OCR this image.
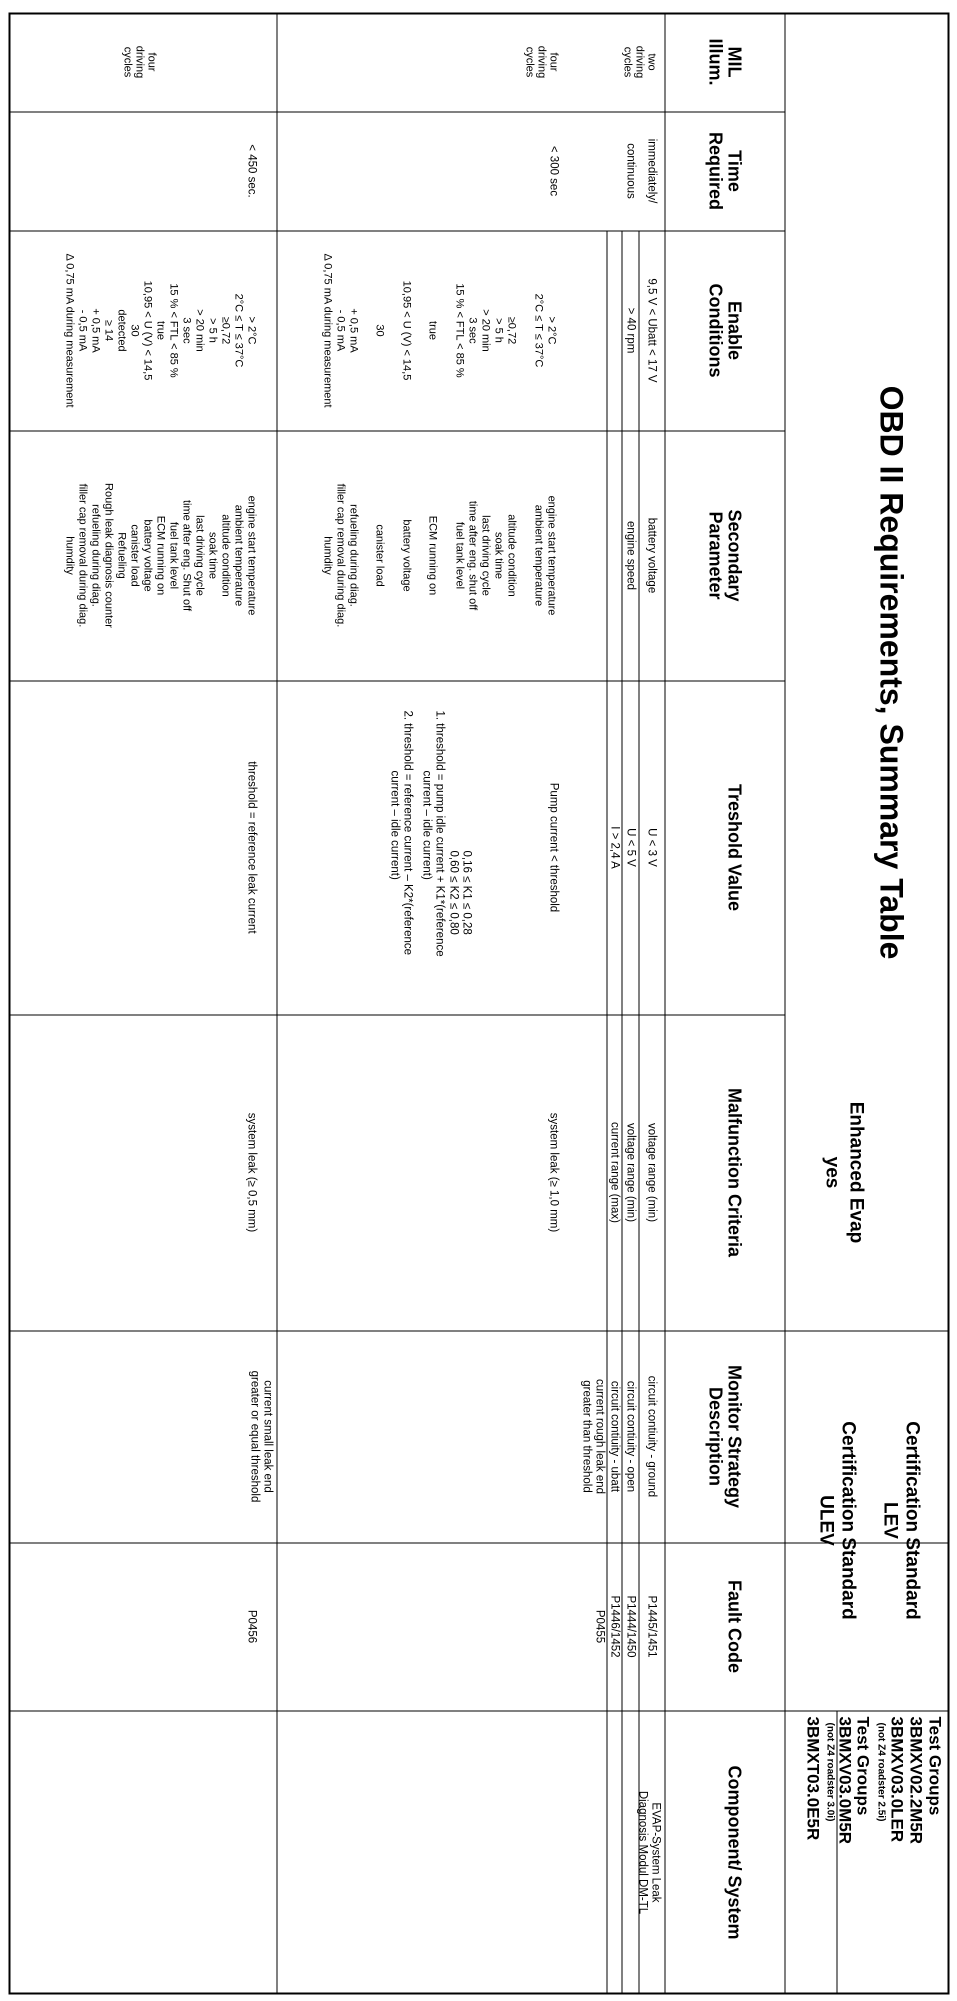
OBD II Requirements, Summary Table
Test Groups
3BMXV02.2M5R
3BMXV03.0LER
(not Z4 roadster 2.5i)
Test Groups
3BMXV03.0M5R
(not Z4 roadster 3.0i)
3BMXT03.0E5R
Certification Standard
LEV
Certification Standard
ULEV
Enhanced Evap
yes
Component/ System
Fault Code
Monitor Strategy Description
Malfunction Criteria
Treshold Value
Secondary Parameter
Enable Conditions
Time Required
MIL Illum.
EVAP-System Leak
Diagnosis Modul DM-TL
P1445/1451
circuit contiuity - ground
voltage range (min)
U < 3 V
battery voltage
9,5 V < Ubatt < 17 V
immediately/
P1444/1450
circuit contiuity - open
voltage range (min)
U < 5 V
engine speed
> 40 rpm
continuous
two
driving
cycles
P1446/1452
circuit contiuity - ubatt
current range (max)
I > 2,4 A
P0455
current rough leak end
greater than threshold
system leak (≥ 1,0 mm)
Pump current < threshold
0,16 ≤ K1 ≤ 0,28
0,60 ≤ K2 ≤ 0,80
1. threshold = pump idle current + K1*(reference
current – idle current)
2. threshold = reference current – K2*(reference
current – idle current)
< 300 sec
four
driving
cycles
engine start temperature
ambient temperature
altitude condition
soak time
last driving cycle
time after eng. shut off
fuel tank level
ECM running on
battery voltage
canister load
refueling during diag.
filler cap removal during diag.
humdity
> 2°C
2°C ≤ T ≤ 37°C
≥0,72
> 5 h
> 20 min
3 sec
15 % < FTL < 85 %
true
10,95 < U (V) < 14,5
30
+ 0,5 mA
- 0,5 mA
Δ 0,75 mA during measurement
P0456
current small leak end
greater or equal threshold
system leak (≥ 0,5 mm)
threshold = reference leak current
< 450 sec.
four
driving
cycles
engine start temperature
ambient temperature
altitude condition
soak time
last driving cycle
time after eng. Shut off
fuel tank level
ECM running on
battery voltage
canister load
Refueling
Rough leak diagnosis counter
refueling during diag.
filler cap removal during diag.
humdity
> 2°C
2°C ≤ T ≤ 37°C
≥0,72
> 5 h
> 20 min
3 sec
15 % < FTL < 85 %
true
10,95 < U (V) < 14,5
30
detected
≥ 14
+ 0,5 mA
- 0,5 mA
Δ 0,75 mA during measurement
